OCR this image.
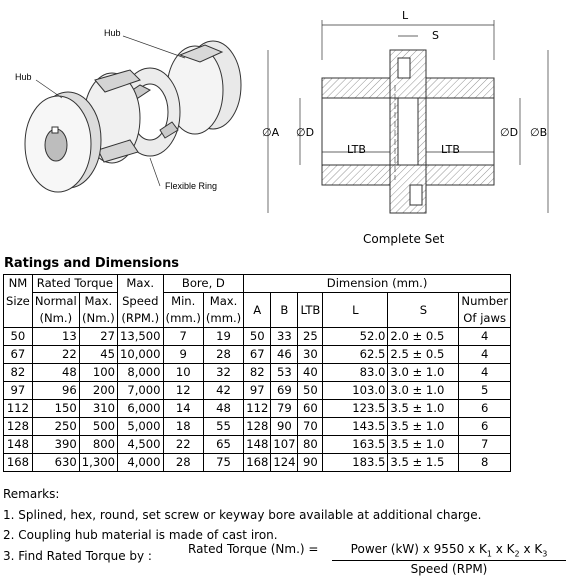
Hub
Hub
Flexible Ring
L
S
∅A ∅D	∅D ∅B
LTB	LTB
Complete Set
Ratings and Dimensions
NM	Rated Torque		Max.	Bore, D		Dimension (mm.)					
Size	Normal	Max.	Speed	Min.	Max.	A	B	LTB	L	S	Number
	(Nm.)	(Nm.)	(RPM.)	(mm.)	(mm.)						Of jaws
50	13	27	13,500	7	19	50	33	25	52.0	2.0 ± 0.5	4
67	22	45	10,000	9	28	67	46	30	62.5	2.5 ± 0.5	4
82	48	100	8,000	10	32	82	53	40	83.0	3.0 ± 1.0	4
97	96	200	7,000	12	42	97	69	50	103.0	3.0 ± 1.0	5
112	150	310	6,000	14	48	112	79	60	123.5	3.5 ± 1.0	6
128	250	500	5,000	18	55	128	90	70	143.5	3.5 ± 1.0	6
148	390	800	4,500	22	65	148	107	80	163.5	3.5 ± 1.0	7
168	630	1,300	4,000	28	75	168	124	90	183.5	3.5 ± 1.5	8
Remarks:
1. Splined, hex, round, set screw or keyway bore available at additional charge.
2. Coupling hub material is made of cast iron.
3. Find Rated Torque by :	Rated Torque (Nm.) =	Power (kW) x 9550 x $K_1$ x $K_2$ x $K_3$
Speed (RPM)
